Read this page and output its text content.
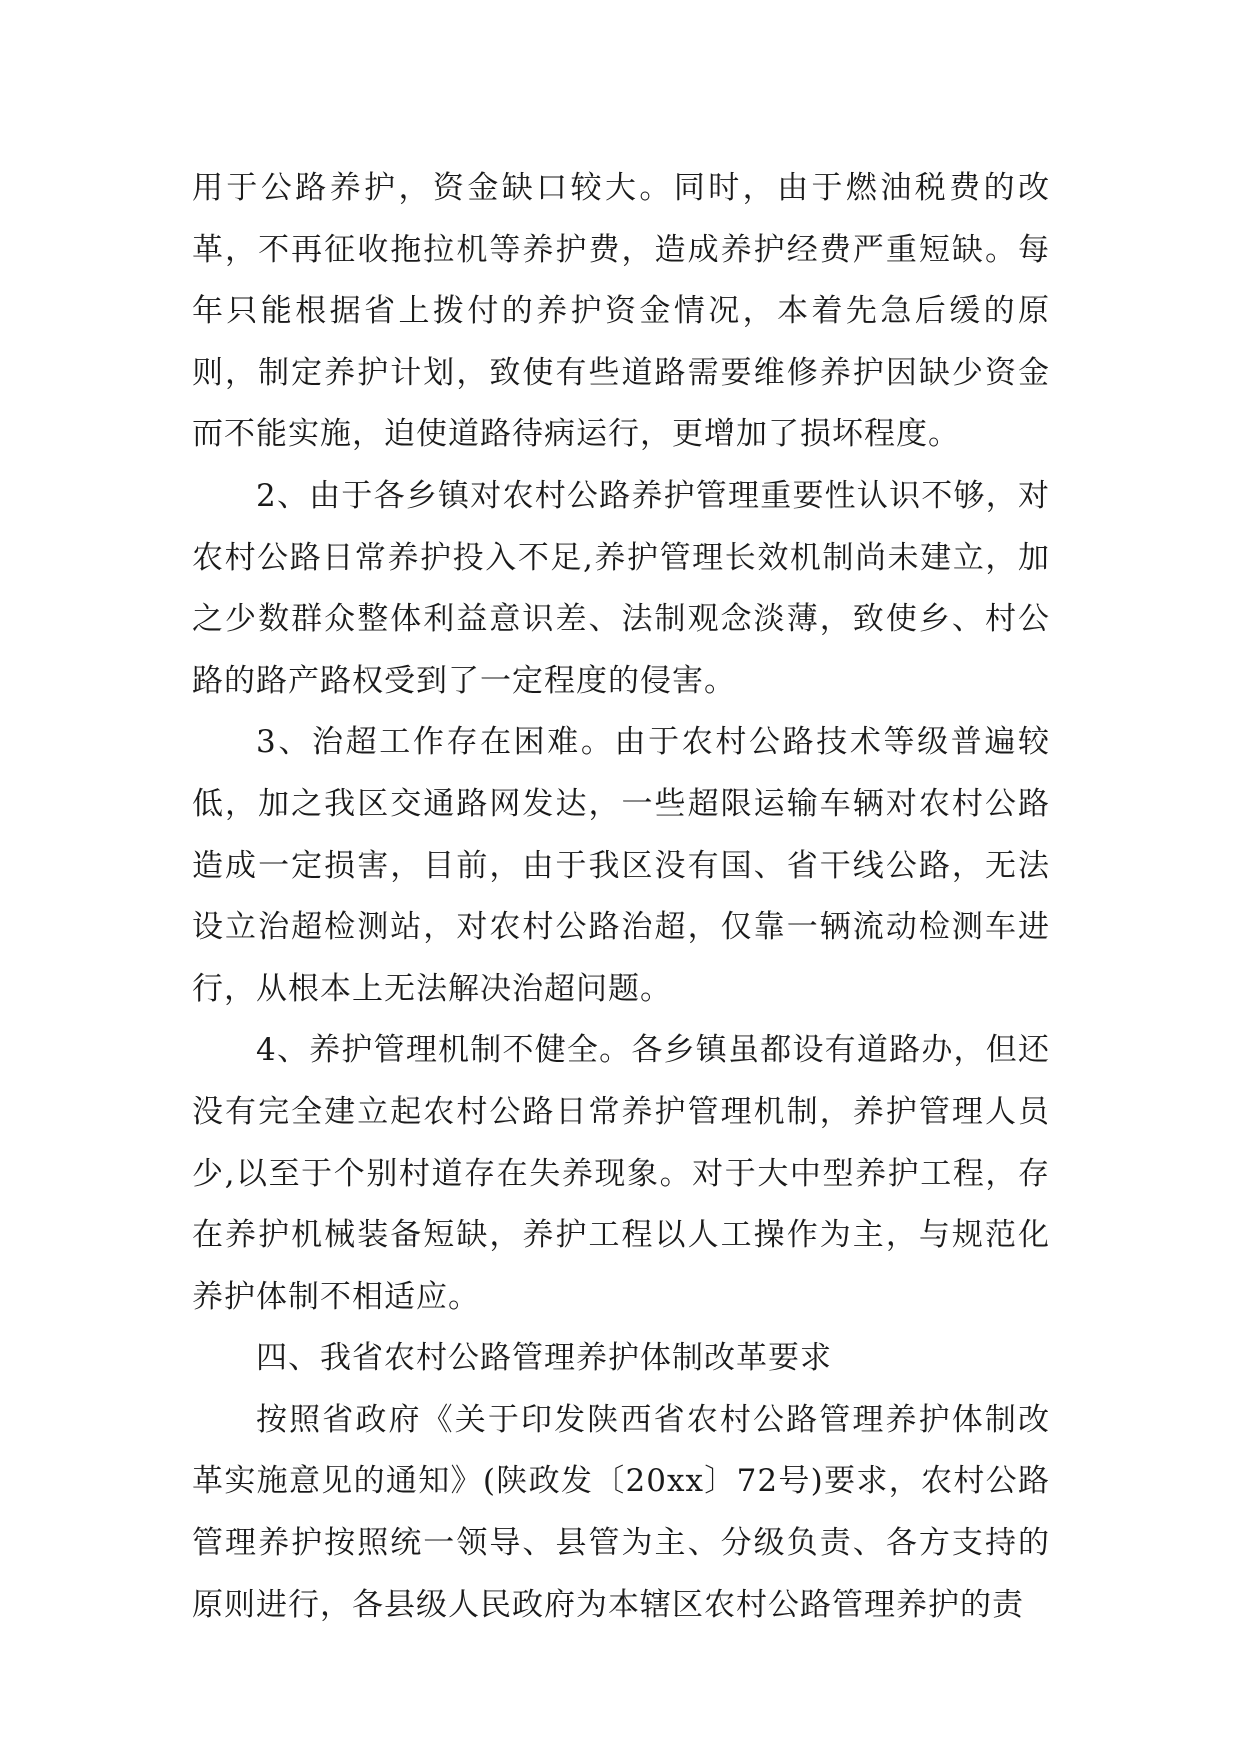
用于公路养护，资金缺口较大。同时，由于燃油税费的改革，不再征收拖拉机等养护费，造成养护经费严重短缺。每年只能根据省上拨付的养护资金情况，本着先急后缓的原则，制定养护计划，致使有些道路需要维修养护因缺少资金而不能实施，迫使道路待病运行，更增加了损坏程度。

2、由于各乡镇对农村公路养护管理重要性认识不够，对农村公路日常养护投入不足,养护管理长效机制尚未建立，加之少数群众整体利益意识差、法制观念淡薄，致使乡、村公路的路产路权受到了一定程度的侵害。

3、治超工作存在困难。由于农村公路技术等级普遍较低，加之我区交通路网发达，一些超限运输车辆对农村公路造成一定损害，目前，由于我区没有国、省干线公路，无法设立治超检测站，对农村公路治超，仅靠一辆流动检测车进行，从根本上无法解决治超问题。

4、养护管理机制不健全。各乡镇虽都设有道路办，但还没有完全建立起农村公路日常养护管理机制，养护管理人员少,以至于个别村道存在失养现象。对于大中型养护工程，存在养护机械装备短缺，养护工程以人工操作为主，与规范化养护体制不相适应。

四、我省农村公路管理养护体制改革要求

按照省政府《关于印发陕西省农村公路管理养护体制改革实施意见的通知》(陕政发〔20xx〕72号)要求，农村公路管理养护按照统一领导、县管为主、分级负责、各方支持的原则进行，各县级人民政府为本辖区农村公路管理养护的责
